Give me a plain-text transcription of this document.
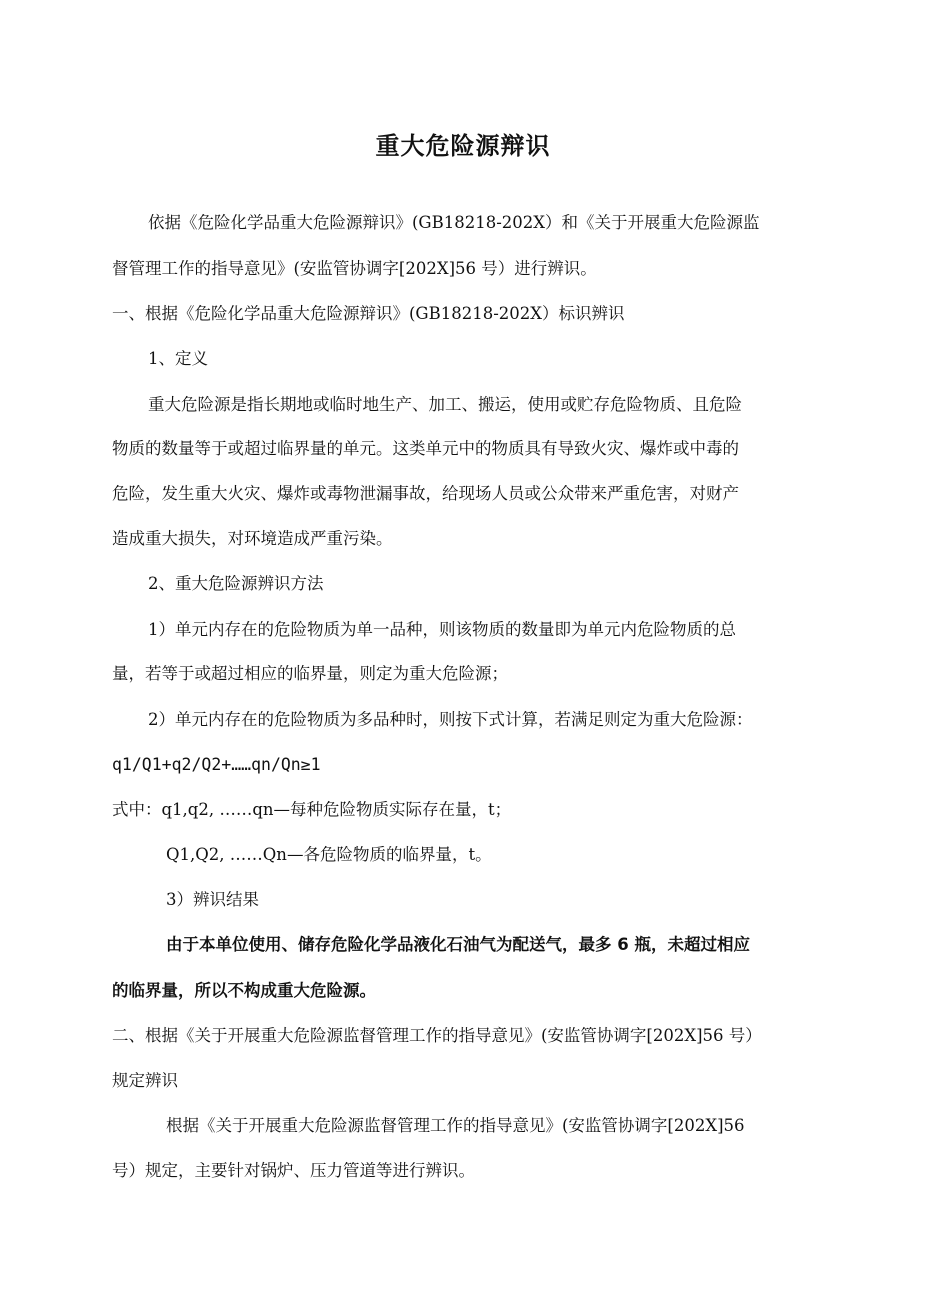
重大危险源辩识
依据《危险化学品重大危险源辩识》(GB18218-202X）和《关于开展重大危险源监
督管理工作的指导意见》(安监管协调字[202X]56 号）进行辨识。
一、根据《危险化学品重大危险源辩识》(GB18218-202X）标识辨识
1、定义
重大危险源是指长期地或临时地生产、加工、搬运，使用或贮存危险物质、且危险
物质的数量等于或超过临界量的单元。这类单元中的物质具有导致火灾、爆炸或中毒的
危险，发生重大火灾、爆炸或毒物泄漏事故，给现场人员或公众带来严重危害，对财产
造成重大损失，对环境造成严重污染。
2、重大危险源辨识方法
1）单元内存在的危险物质为单一品种，则该物质的数量即为单元内危险物质的总
量，若等于或超过相应的临界量，则定为重大危险源；
2）单元内存在的危险物质为多品种时，则按下式计算，若满足则定为重大危险源：
q1/Q1+q2/Q2+……qn/Qn≥1
式中：q1,q2, ……qn—每种危险物质实际存在量，t；
Q1,Q2, ……Qn—各危险物质的临界量，t。
3）辨识结果
由于本单位使用、储存危险化学品液化石油气为配送气，最多 6 瓶，未超过相应
的临界量，所以不构成重大危险源。
二、根据《关于开展重大危险源监督管理工作的指导意见》(安监管协调字[202X]56 号）
规定辨识
根据《关于开展重大危险源监督管理工作的指导意见》(安监管协调字[202X]56
号）规定，主要针对锅炉、压力管道等进行辨识。
